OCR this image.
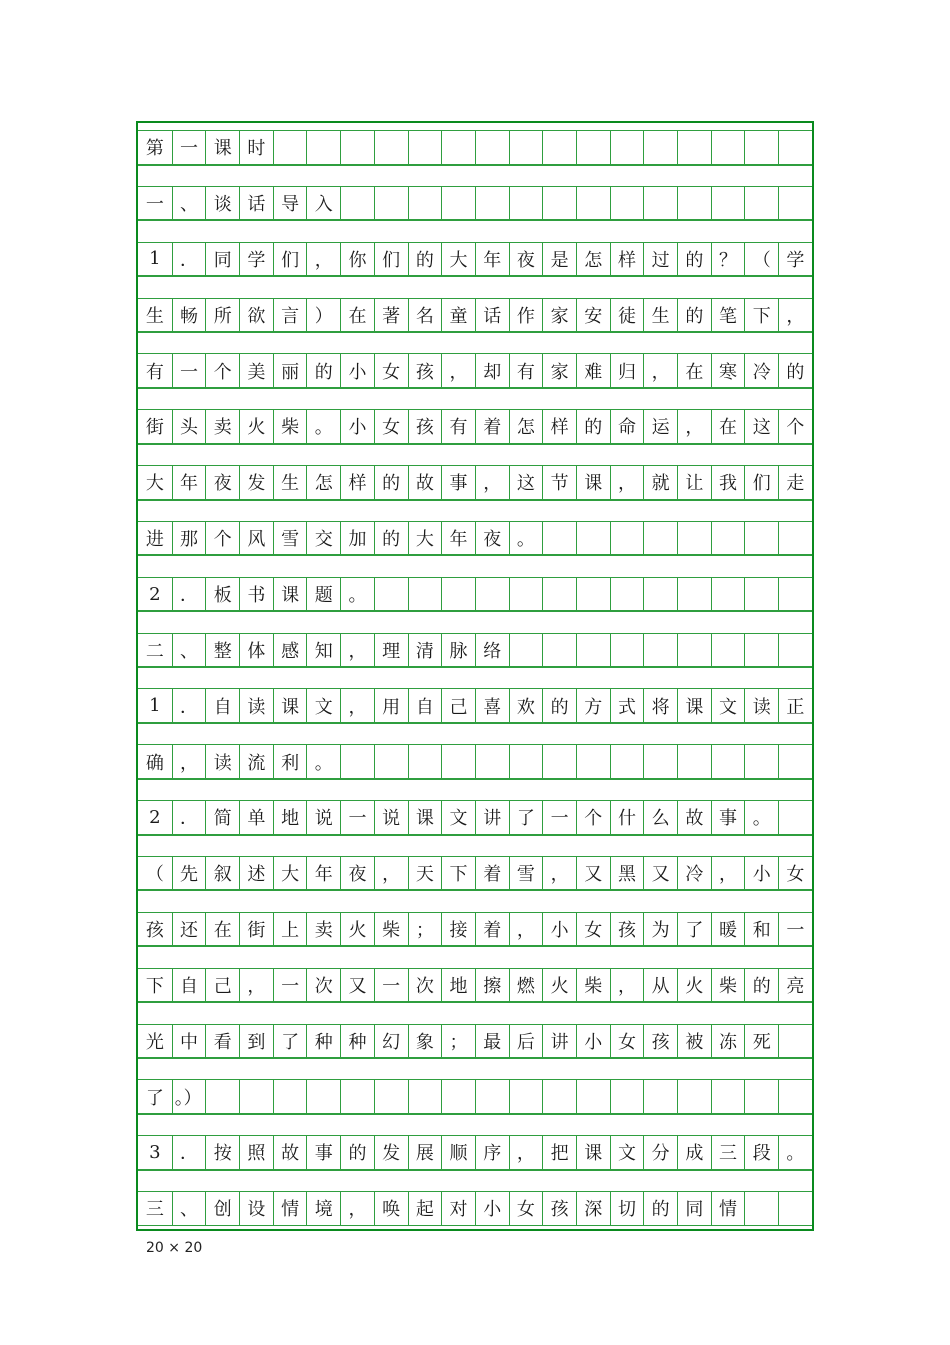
第 一 课 时
一 、 谈 话 导 入
1	． 同 学 们 ， 你 们 的 大 年 夜 是 怎 样 过 的 ？ （ 学
生 畅 所 欲 言 ） 在 著 名 童 话 作 家 安 徒 生 的 笔 下 ，
有 一 个 美 丽 的 小 女 孩 ， 却 有 家 难 归 ， 在 寒 冷 的
街 头 卖 火 柴 。 小 女 孩 有 着 怎 样 的 命 运 ， 在 这 个
大 年 夜 发 生 怎 样 的 故 事 ， 这 节 课 ， 就 让 我 们 走
进 那 个 风 雪 交 加 的 大 年 夜 。
2	． 板 书 课 题 。
二 、 整 体 感 知 ， 理 清 脉 络
1	． 自 读 课 文 ， 用 自 己 喜 欢 的 方 式 将 课 文 读 正
确 ， 读 流 利 。
2	． 简 单 地 说 一 说 课 文 讲 了 一 个 什 么 故 事 。
（ 先 叙 述 大 年 夜 ， 天 下 着 雪 ， 又 黑 又 冷 ， 小 女
孩 还 在 街 上 卖 火 柴 ； 接 着 ， 小 女 孩 为 了 暖 和 一
下 自 己 ， 一 次 又 一 次 地 擦 燃 火 柴 ， 从 火 柴 的 亮
光 中 看 到 了 种 种 幻 象 ； 最 后 讲 小 女 孩 被 冻 死
了 。）
3	． 按 照 故 事 的 发 展 顺 序 ， 把 课 文 分 成 三 段 。
三 、 创 设 情 境 ， 唤 起 对 小 女 孩 深 切 的 同 情
20 × 20
